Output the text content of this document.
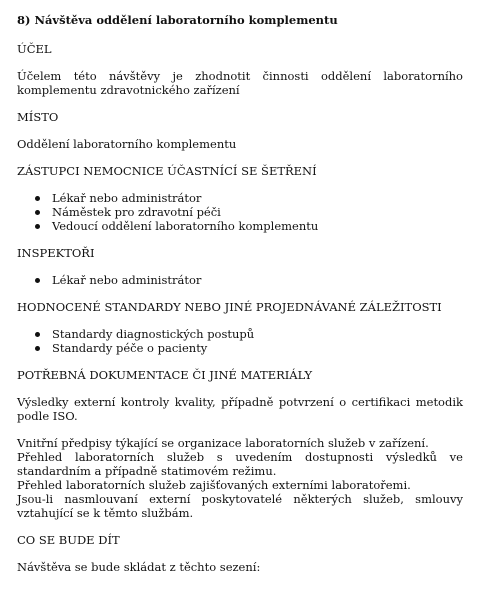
8) Návštěva oddělení laboratorního komplementu
ÚČEL
Účelem této návštěvy je zhodnotit činnosti oddělení laboratorního komplementu zdravotnického zařízení
MÍSTO
Oddělení laboratorního komplementu
ZÁSTUPCI NEMOCNICE ÚČASTNÍCÍ SE ŠETŘENÍ
Lékař nebo administrátor
Náměstek pro zdravotní péči
Vedoucí oddělení laboratorního komplementu
INSPEKTOŘI
Lékař nebo administrátor
HODNOCENÉ STANDARDY NEBO JINÉ PROJEDNÁVANÉ ZÁLEŽITOSTI
Standardy diagnostických postupů
Standardy péče o pacienty
POTŘEBNÁ DOKUMENTACE ČI JINÉ MATERIÁLY
Výsledky externí kontroly kvality, případně potvrzení o certifikaci metodik podle ISO.
Vnitřní předpisy týkající se organizace laboratorních služeb v zařízení.
Přehled laboratorních služeb s uvedením dostupnosti výsledků ve standardním a případně statimovém režimu.
Přehled laboratorních služeb zajišťovaných externími laboratořemi.
Jsou-li nasmlouvaní externí poskytovatelé některých služeb, smlouvy vztahující se k těmto službám.
CO SE BUDE DÍT
Návštěva se bude skládat z těchto sezení:
